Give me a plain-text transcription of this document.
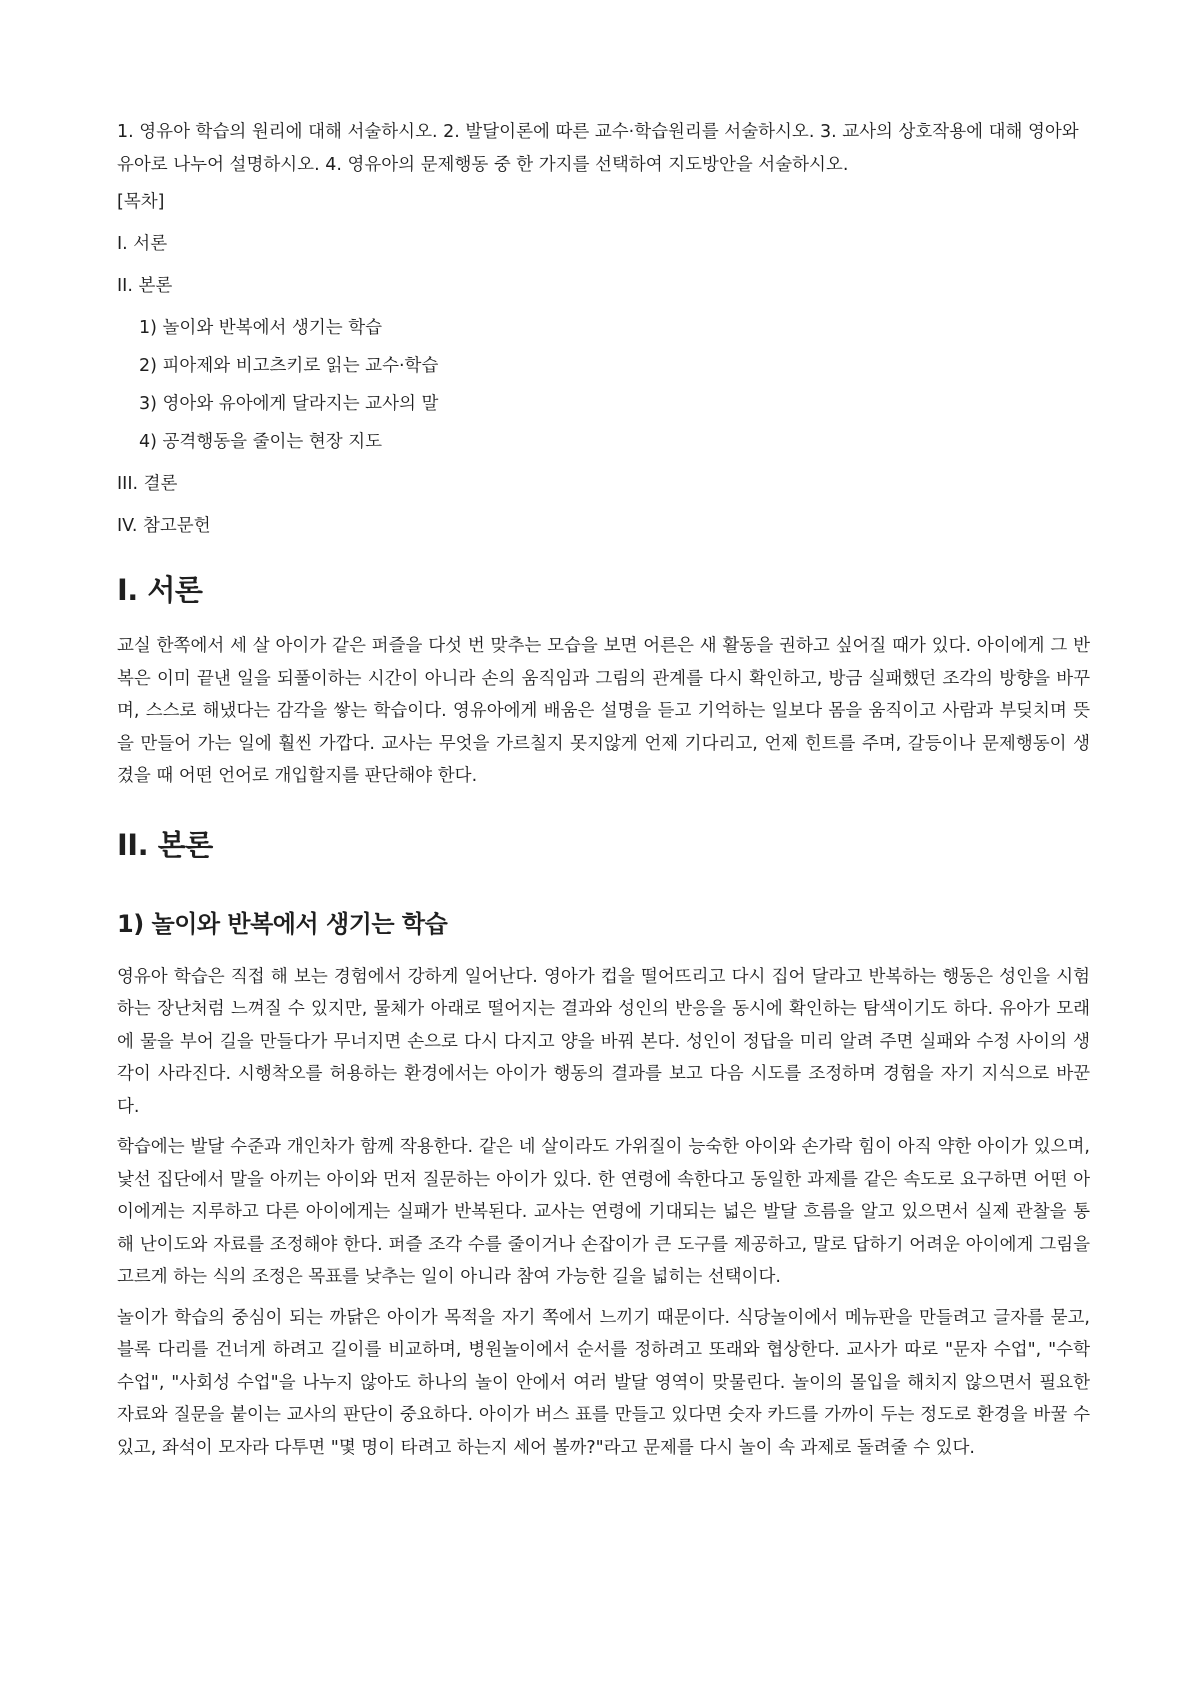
1. 영유아 학습의 원리에 대해 서술하시오. 2. 발달이론에 따른 교수·학습원리를 서술하시오. 3. 교사의 상호작용에 대해 영아와 유아로 나누어 설명하시오. 4. 영유아의 문제행동 중 한 가지를 선택하여 지도방안을 서술하시오.

[목차]

I. 서론

II. 본론

1) 놀이와 반복에서 생기는 학습

2) 피아제와 비고츠키로 읽는 교수·학습

3) 영아와 유아에게 달라지는 교사의 말

4) 공격행동을 줄이는 현장 지도

III. 결론

IV. 참고문헌

I. 서론

교실 한쪽에서 세 살 아이가 같은 퍼즐을 다섯 번 맞추는 모습을 보면 어른은 새 활동을 권하고 싶어질 때가 있다. 아이에게 그 반복은 이미 끝낸 일을 되풀이하는 시간이 아니라 손의 움직임과 그림의 관계를 다시 확인하고, 방금 실패했던 조각의 방향을 바꾸며, 스스로 해냈다는 감각을 쌓는 학습이다. 영유아에게 배움은 설명을 듣고 기억하는 일보다 몸을 움직이고 사람과 부딪치며 뜻을 만들어 가는 일에 훨씬 가깝다. 교사는 무엇을 가르칠지 못지않게 언제 기다리고, 언제 힌트를 주며, 갈등이나 문제행동이 생겼을 때 어떤 언어로 개입할지를 판단해야 한다.

II. 본론
1) 놀이와 반복에서 생기는 학습

영유아 학습은 직접 해 보는 경험에서 강하게 일어난다. 영아가 컵을 떨어뜨리고 다시 집어 달라고 반복하는 행동은 성인을 시험하는 장난처럼 느껴질 수 있지만, 물체가 아래로 떨어지는 결과와 성인의 반응을 동시에 확인하는 탐색이기도 하다. 유아가 모래에 물을 부어 길을 만들다가 무너지면 손으로 다시 다지고 양을 바꿔 본다. 성인이 정답을 미리 알려 주면 실패와 수정 사이의 생각이 사라진다. 시행착오를 허용하는 환경에서는 아이가 행동의 결과를 보고 다음 시도를 조정하며 경험을 자기 지식으로 바꾼다.

학습에는 발달 수준과 개인차가 함께 작용한다. 같은 네 살이라도 가위질이 능숙한 아이와 손가락 힘이 아직 약한 아이가 있으며, 낯선 집단에서 말을 아끼는 아이와 먼저 질문하는 아이가 있다. 한 연령에 속한다고 동일한 과제를 같은 속도로 요구하면 어떤 아이에게는 지루하고 다른 아이에게는 실패가 반복된다. 교사는 연령에 기대되는 넓은 발달 흐름을 알고 있으면서 실제 관찰을 통해 난이도와 자료를 조정해야 한다. 퍼즐 조각 수를 줄이거나 손잡이가 큰 도구를 제공하고, 말로 답하기 어려운 아이에게 그림을 고르게 하는 식의 조정은 목표를 낮추는 일이 아니라 참여 가능한 길을 넓히는 선택이다.

놀이가 학습의 중심이 되는 까닭은 아이가 목적을 자기 쪽에서 느끼기 때문이다. 식당놀이에서 메뉴판을 만들려고 글자를 묻고, 블록 다리를 건너게 하려고 길이를 비교하며, 병원놀이에서 순서를 정하려고 또래와 협상한다. 교사가 따로 "문자 수업", "수학 수업", "사회성 수업"을 나누지 않아도 하나의 놀이 안에서 여러 발달 영역이 맞물린다. 놀이의 몰입을 해치지 않으면서 필요한 자료와 질문을 붙이는 교사의 판단이 중요하다. 아이가 버스 표를 만들고 있다면 숫자 카드를 가까이 두는 정도로 환경을 바꿀 수 있고, 좌석이 모자라 다투면 "몇 명이 타려고 하는지 세어 볼까?"라고 문제를 다시 놀이 속 과제로 돌려줄 수 있다.
